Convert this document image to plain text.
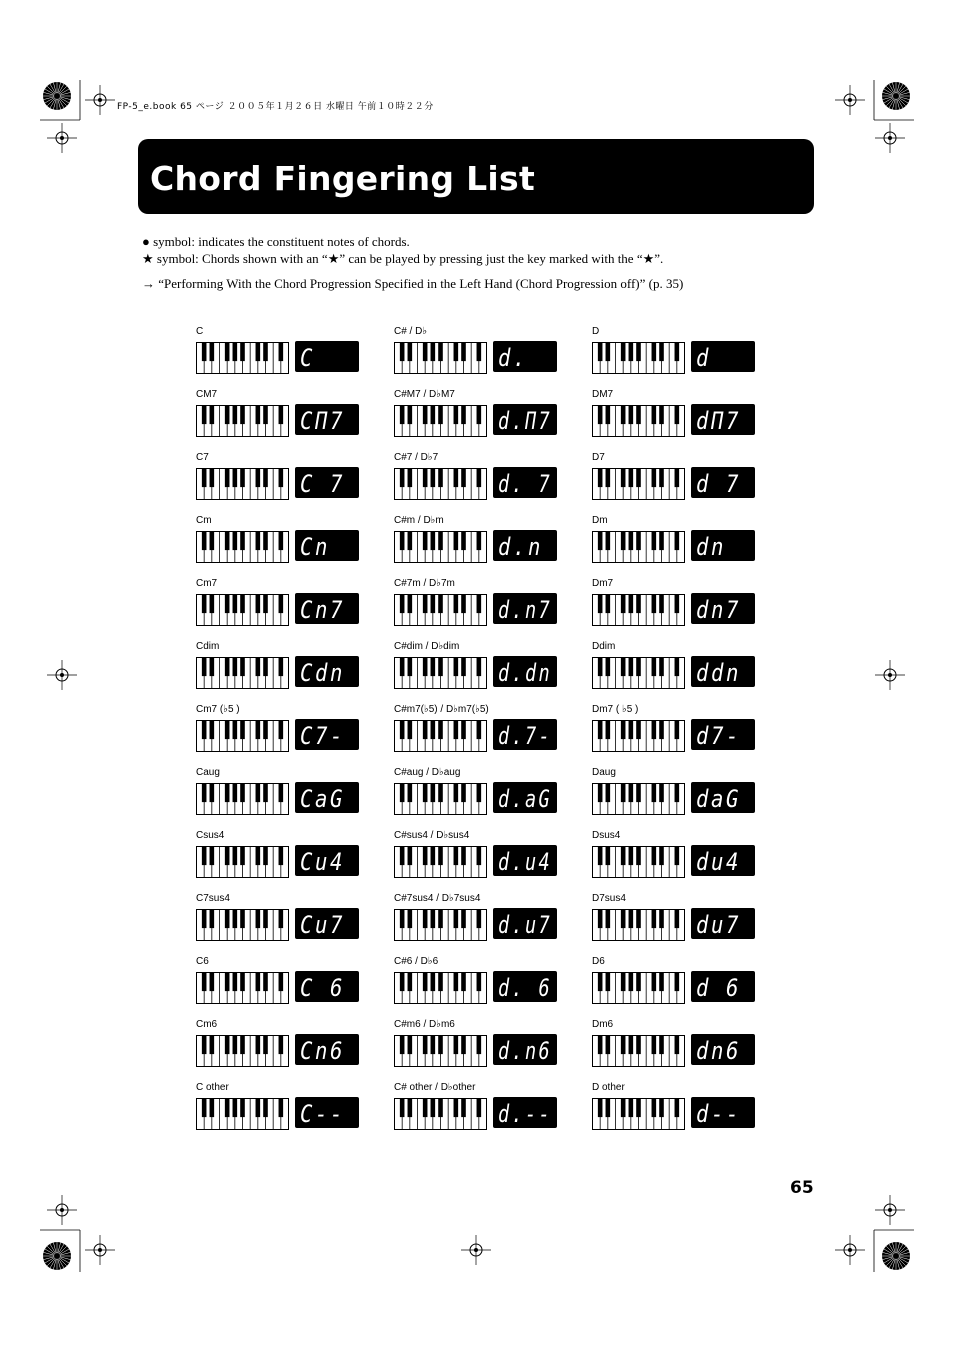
FP-5_e.book 65 ページ ２００５年１月２６日 水曜日 午前１０時２２分
Chord Fingering List

● symbol: indicates the constituent notes of chords.

★ symbol: Chords shown with an “★” can be played by pressing just the key marked with the “★”.

→ “Performing With the Chord Progression Specified in the Left Hand (Chord Progression off)” (p. 35)

C
C
CM7
CΠ7
C7
C 7
Cm
Cn
Cm7
Cn7
Cdim
Cdn
Cm7 (♭5 )
C7-
Caug
CaG
Csus4
Cu4
C7sus4
Cu7
C6
C 6
Cm6
Cn6
C other
C--
C# / D♭
d.
C#M7 / D♭M7
d.Π7
C#7 / D♭7
d. 7
C#m / D♭m
d.n
C#7m / D♭7m
d.n7
C#dim / D♭dim
d.dn
C#m7(♭5) / D♭m7(♭5)
d.7-
C#aug / D♭aug
d.aG
C#sus4 / D♭sus4
d.u4
C#7sus4 / D♭7sus4
d.u7
C#6 / D♭6
d. 6
C#m6 / D♭m6
d.n6
C# other / D♭other
d.--
D
d
DM7
dΠ7
D7
d 7
Dm
dn
Dm7
dn7
Ddim
ddn
Dm7 ( ♭5 )
d7-
Daug
daG
Dsus4
du4
D7sus4
du7
D6
d 6
Dm6
dn6
D other
d--
65
